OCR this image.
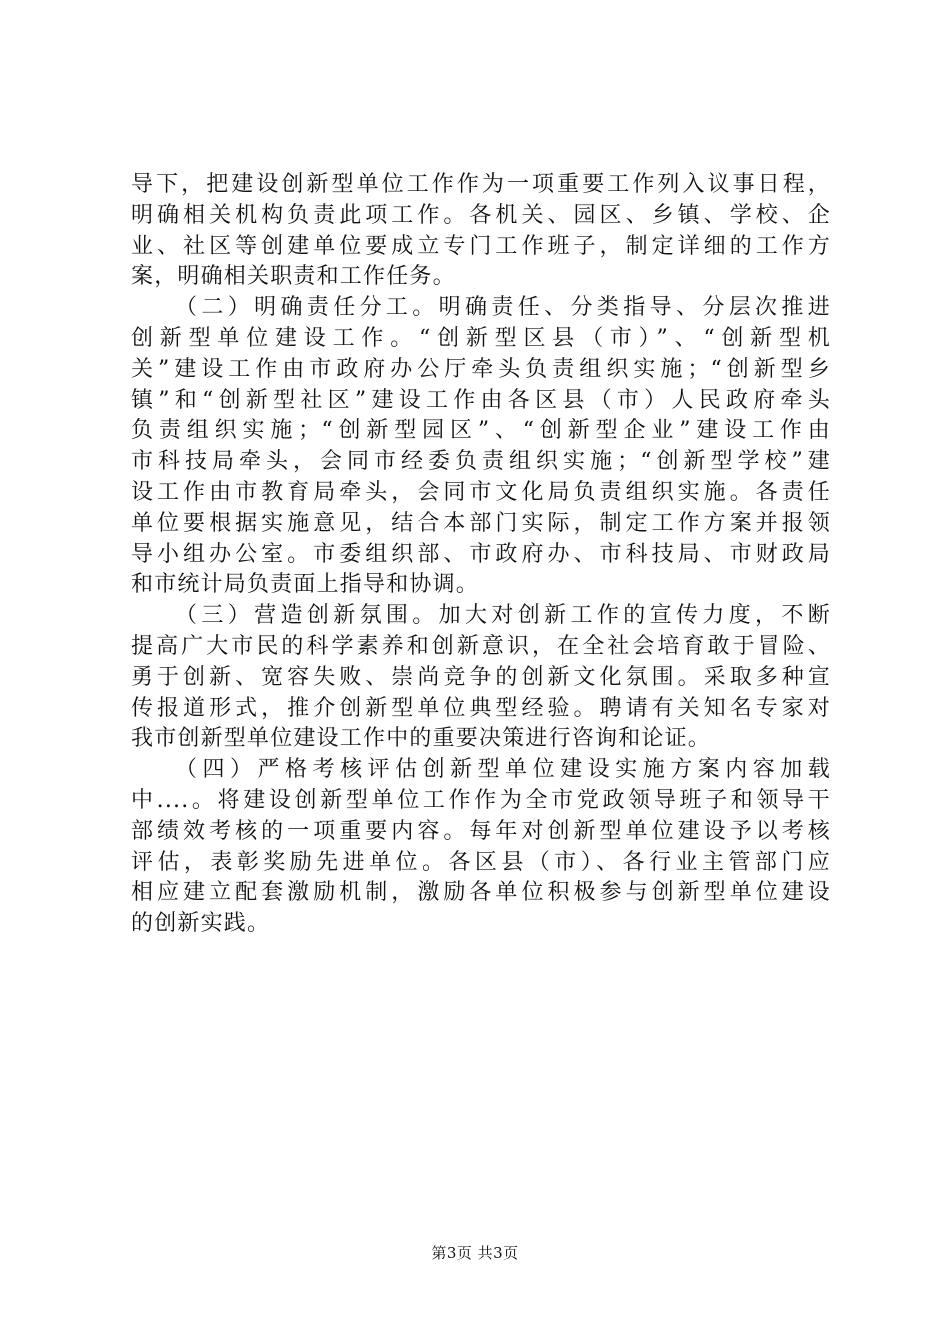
导下，把建设创新型单位工作作为一项重要工作列入议事日程，
明确相关机构负责此项工作。各机关、园区、乡镇、学校、企
业、社区等创建单位要成立专门工作班子，制定详细的工作方
案，明确相关职责和工作任务。
（二）明确责任分工。明确责任、分类指导、分层次推进
创新型单位建设工作。“创新型区县（市）”、“创新型机
关”建设工作由市政府办公厅牵头负责组织实施；“创新型乡
镇”和“创新型社区”建设工作由各区县（市）人民政府牵头
负责组织实施；“创新型园区”、“创新型企业”建设工作由
市科技局牵头，会同市经委负责组织实施；“创新型学校”建
设工作由市教育局牵头，会同市文化局负责组织实施。各责任
单位要根据实施意见，结合本部门实际，制定工作方案并报领
导小组办公室。市委组织部、市政府办、市科技局、市财政局
和市统计局负责面上指导和协调。
（三）营造创新氛围。加大对创新工作的宣传力度，不断
提高广大市民的科学素养和创新意识，在全社会培育敢于冒险、
勇于创新、宽容失败、崇尚竞争的创新文化氛围。采取多种宣
传报道形式，推介创新型单位典型经验。聘请有关知名专家对
我市创新型单位建设工作中的重要决策进行咨询和论证。
（四）严格考核评估创新型单位建设实施方案内容加载
中....。将建设创新型单位工作作为全市党政领导班子和领导干
部绩效考核的一项重要内容。每年对创新型单位建设予以考核
评估，表彰奖励先进单位。各区县（市）、各行业主管部门应
相应建立配套激励机制，激励各单位积极参与创新型单位建设
的创新实践。
第3页 共3页
